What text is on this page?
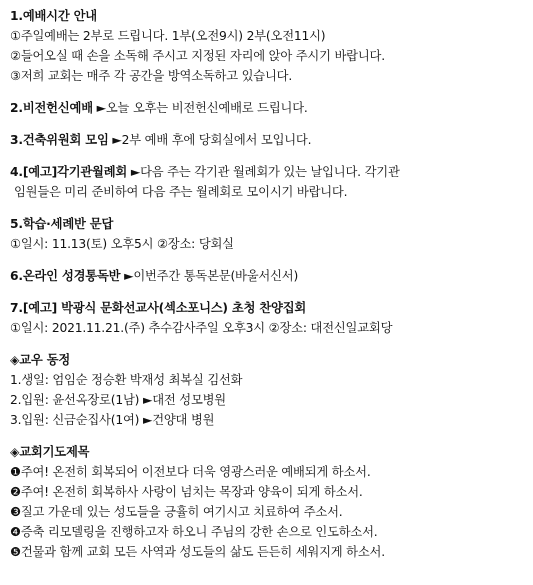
1.예배시간 안내
①주일예배는 2부로 드립니다. 1부(오전9시) 2부(오전11시)
②들어오실 때 손을 소독해 주시고 지정된 자리에 앉아 주시기 바랍니다.
③저희 교회는 매주 각 공간을 방역소독하고 있습니다.
2.비전헌신예배 ►오늘 오후는 비전헌신예배로 드립니다.
3.건축위원회 모임 ►2부 예배 후에 당회실에서 모입니다.
4.[예고]각기관월례회 ►다음 주는 각기관 월례회가 있는 날입니다. 각기관
임원들은 미리 준비하여 다음 주는 월례회로 모이시기 바랍니다.
5.학습·세례반 문답
①일시: 11.13(토) 오후5시 ②장소: 당회실
6.온라인 성경통독반 ►이번주간 통독본문(바울서신서)
7.[예고] 박광식 문화선교사(섹소포니스) 초청 찬양집회
①일시: 2021.11.21.(주) 추수감사주일 오후3시 ②장소: 대전신일교회당
◈교우 동정
1.생일: 엄임순 정승환 박재성 최복실 김선화
2.입원: 윤선옥장로(1남) ►대전 성모병원
3.입원: 신금순집사(1여) ►건양대 병원
◈교회기도제목
❶주여! 온전히 회복되어 이전보다 더욱 영광스러운 예배되게 하소서.
❷주여! 온전히 회복하사 사랑이 넘치는 목장과 양육이 되게 하소서.
❸질고 가운데 있는 성도들을 긍휼히 여기시고 치료하여 주소서.
❹증축 리모델링을 진행하고자 하오니 주님의 강한 손으로 인도하소서.
❺건물과 함께 교회 모든 사역과 성도들의 삶도 든든히 세워지게 하소서.
